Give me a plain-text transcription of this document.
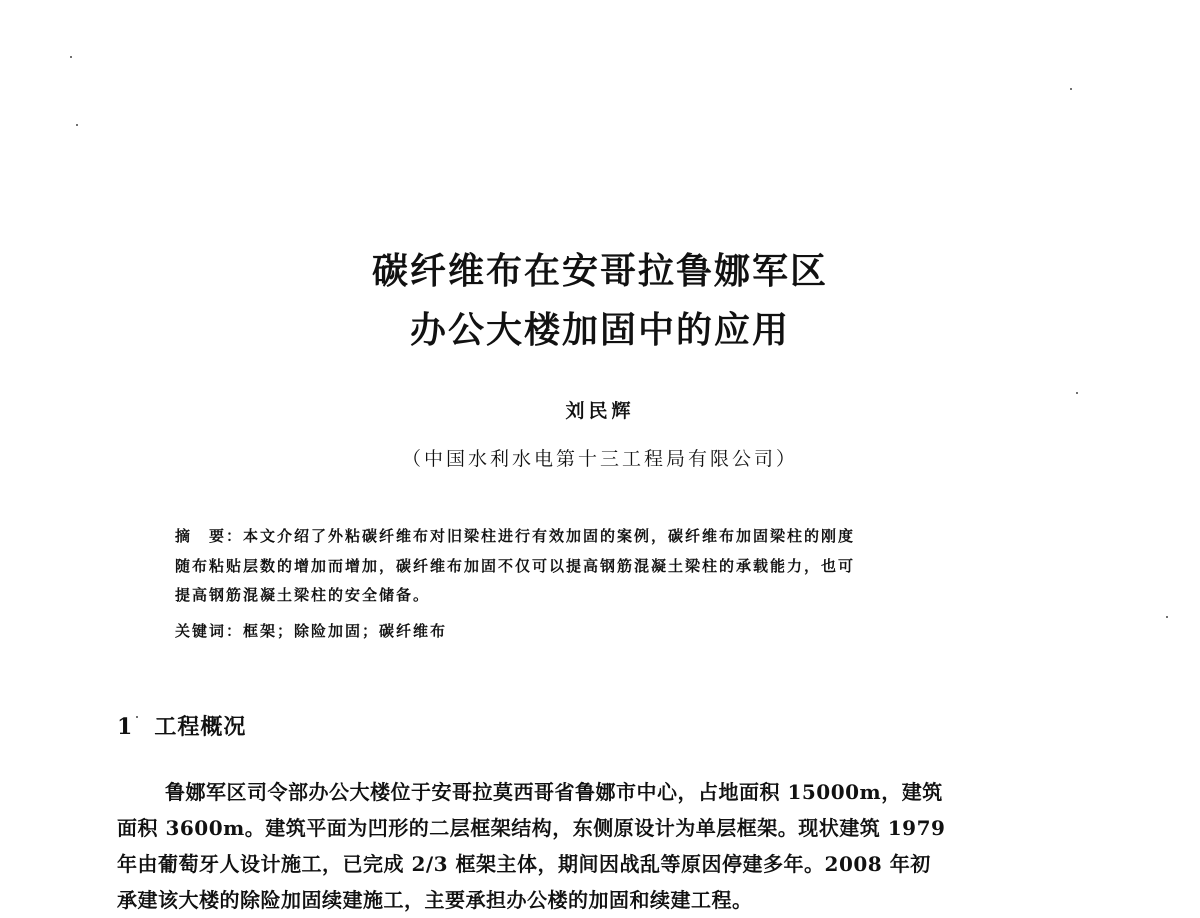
碳纤维布在安哥拉鲁娜军区
办公大楼加固中的应用
刘民辉
（中国水利水电第十三工程局有限公司）
摘　要：本文介绍了外粘碳纤维布对旧梁柱进行有效加固的案例，碳纤维布加固梁柱的刚度
随布粘贴层数的增加而增加，碳纤维布加固不仅可以提高钢筋混凝土梁柱的承载能力，也可
提高钢筋混凝土梁柱的安全储备。
关键词：框架；除险加固；碳纤维布
1 工程概况
鲁娜军区司令部办公大楼位于安哥拉莫西哥省鲁娜市中心，占地面积 15000m，建筑
面积 3600m。建筑平面为凹形的二层框架结构，东侧原设计为单层框架。现状建筑 1979
年由葡萄牙人设计施工，已完成 2/3 框架主体，期间因战乱等原因停建多年。2008 年初
承建该大楼的除险加固续建施工，主要承担办公楼的加固和续建工程。
